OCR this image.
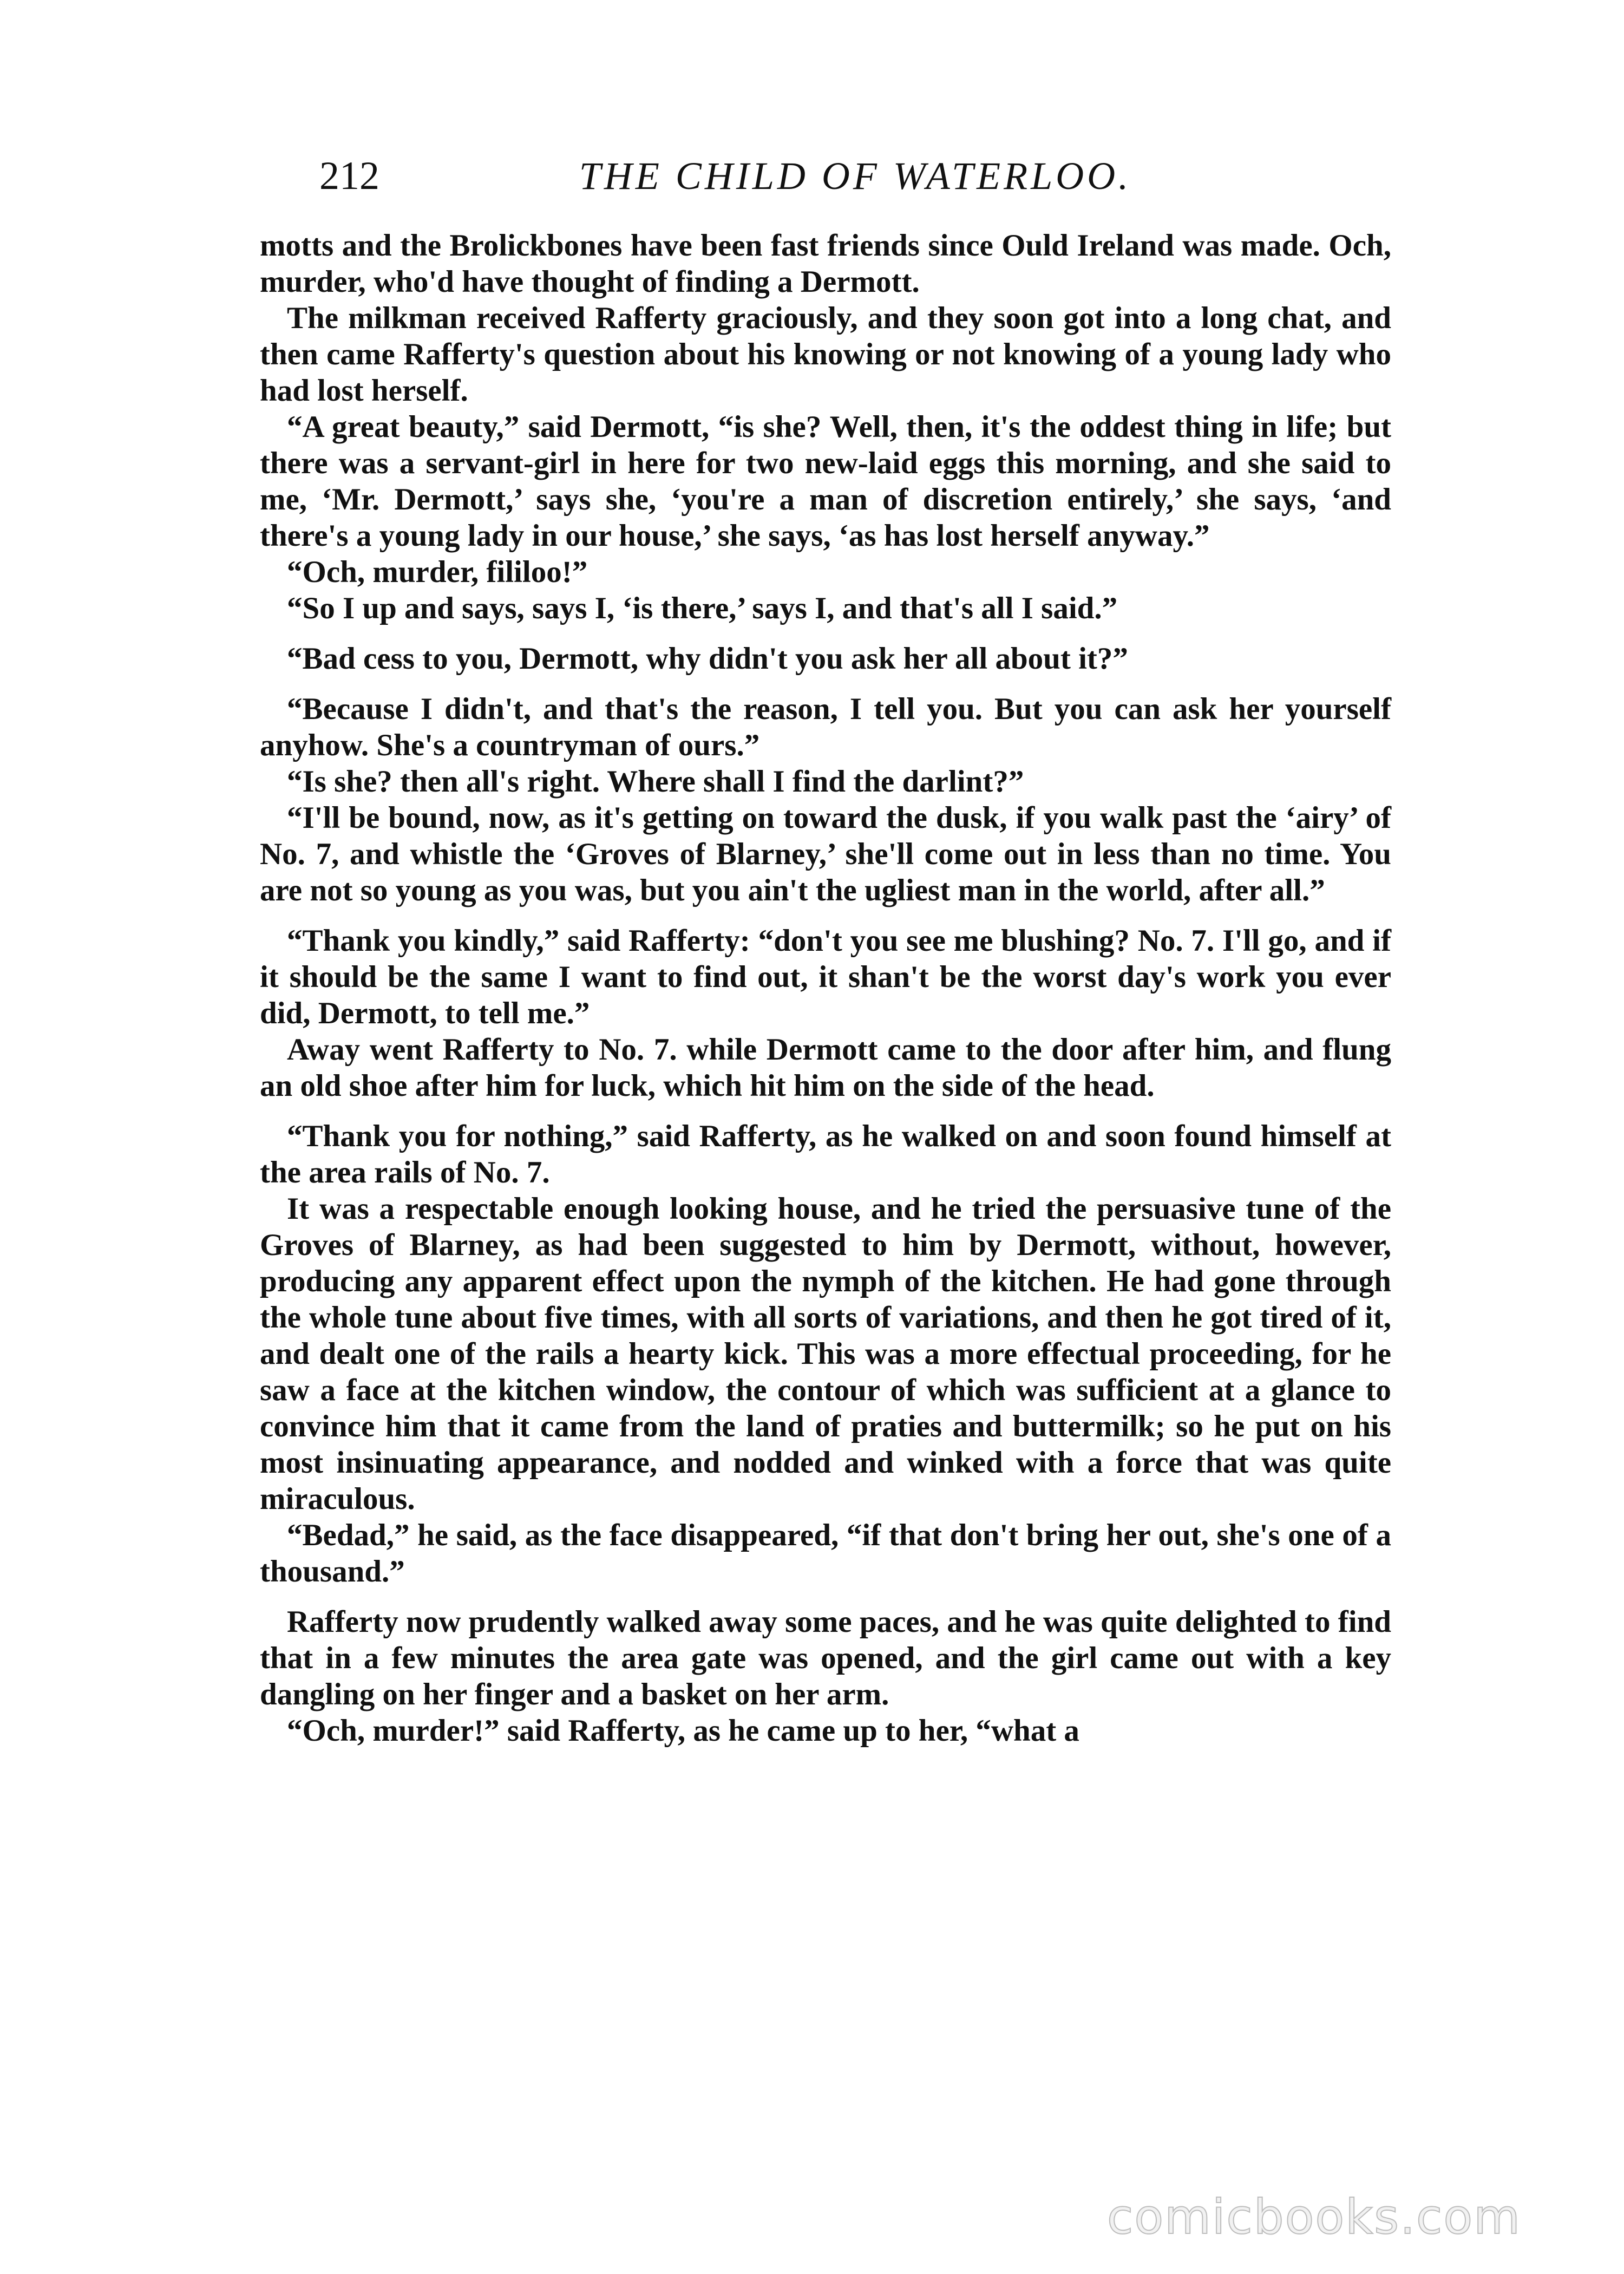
212	THE CHILD OF WATERLOO.

motts and the Brolickbones have been fast friends since Ould Ireland was made. Och, murder, who'd have thought of finding a Dermott.

The milkman received Rafferty graciously, and they soon got into a long chat, and then came Rafferty's question about his knowing or not knowing of a young lady who had lost herself.

“A great beauty,” said Dermott, “is she? Well, then, it's the oddest thing in life; but there was a servant-girl in here for two new-laid eggs this morning, and she said to me, ‘Mr. Dermott,’ says she, ‘you're a man of discretion entirely,’ she says, ‘and there's a young lady in our house,’ she says, ‘as has lost herself anyway.”

“Och, murder, fililoo!”

“So I up and says, says I, ‘is there,’ says I, and that's all I said.”

“Bad cess to you, Dermott, why didn't you ask her all about it?”

“Because I didn't, and that's the reason, I tell you. But you can ask her yourself anyhow. She's a countryman of ours.”

“Is she? then all's right. Where shall I find the darlint?”

“I'll be bound, now, as it's getting on toward the dusk, if you walk past the ‘airy’ of No. 7, and whistle the ‘Groves of Blarney,’ she'll come out in less than no time. You are not so young as you was, but you ain't the ugliest man in the world, after all.”

“Thank you kindly,” said Rafferty: “don't you see me blushing? No. 7. I'll go, and if it should be the same I want to find out, it shan't be the worst day's work you ever did, Dermott, to tell me.”

Away went Rafferty to No. 7. while Dermott came to the door after him, and flung an old shoe after him for luck, which hit him on the side of the head.

“Thank you for nothing,” said Rafferty, as he walked on and soon found himself at the area rails of No. 7.

It was a respectable enough looking house, and he tried the persuasive tune of the Groves of Blarney, as had been suggested to him by Dermott, without, however, producing any apparent effect upon the nymph of the kitchen. He had gone through the whole tune about five times, with all sorts of variations, and then he got tired of it, and dealt one of the rails a hearty kick. This was a more effectual proceeding, for he saw a face at the kitchen window, the contour of which was sufficient at a glance to convince him that it came from the land of praties and buttermilk; so he put on his most insinuating appearance, and nodded and winked with a force that was quite miraculous.

“Bedad,” he said, as the face disappeared, “if that don't bring her out, she's one of a thousand.”

Rafferty now prudently walked away some paces, and he was quite delighted to find that in a few minutes the area gate was opened, and the girl came out with a key dangling on her finger and a basket on her arm.

“Och, murder!” said Rafferty, as he came up to her, “what a

comicbooks.com
